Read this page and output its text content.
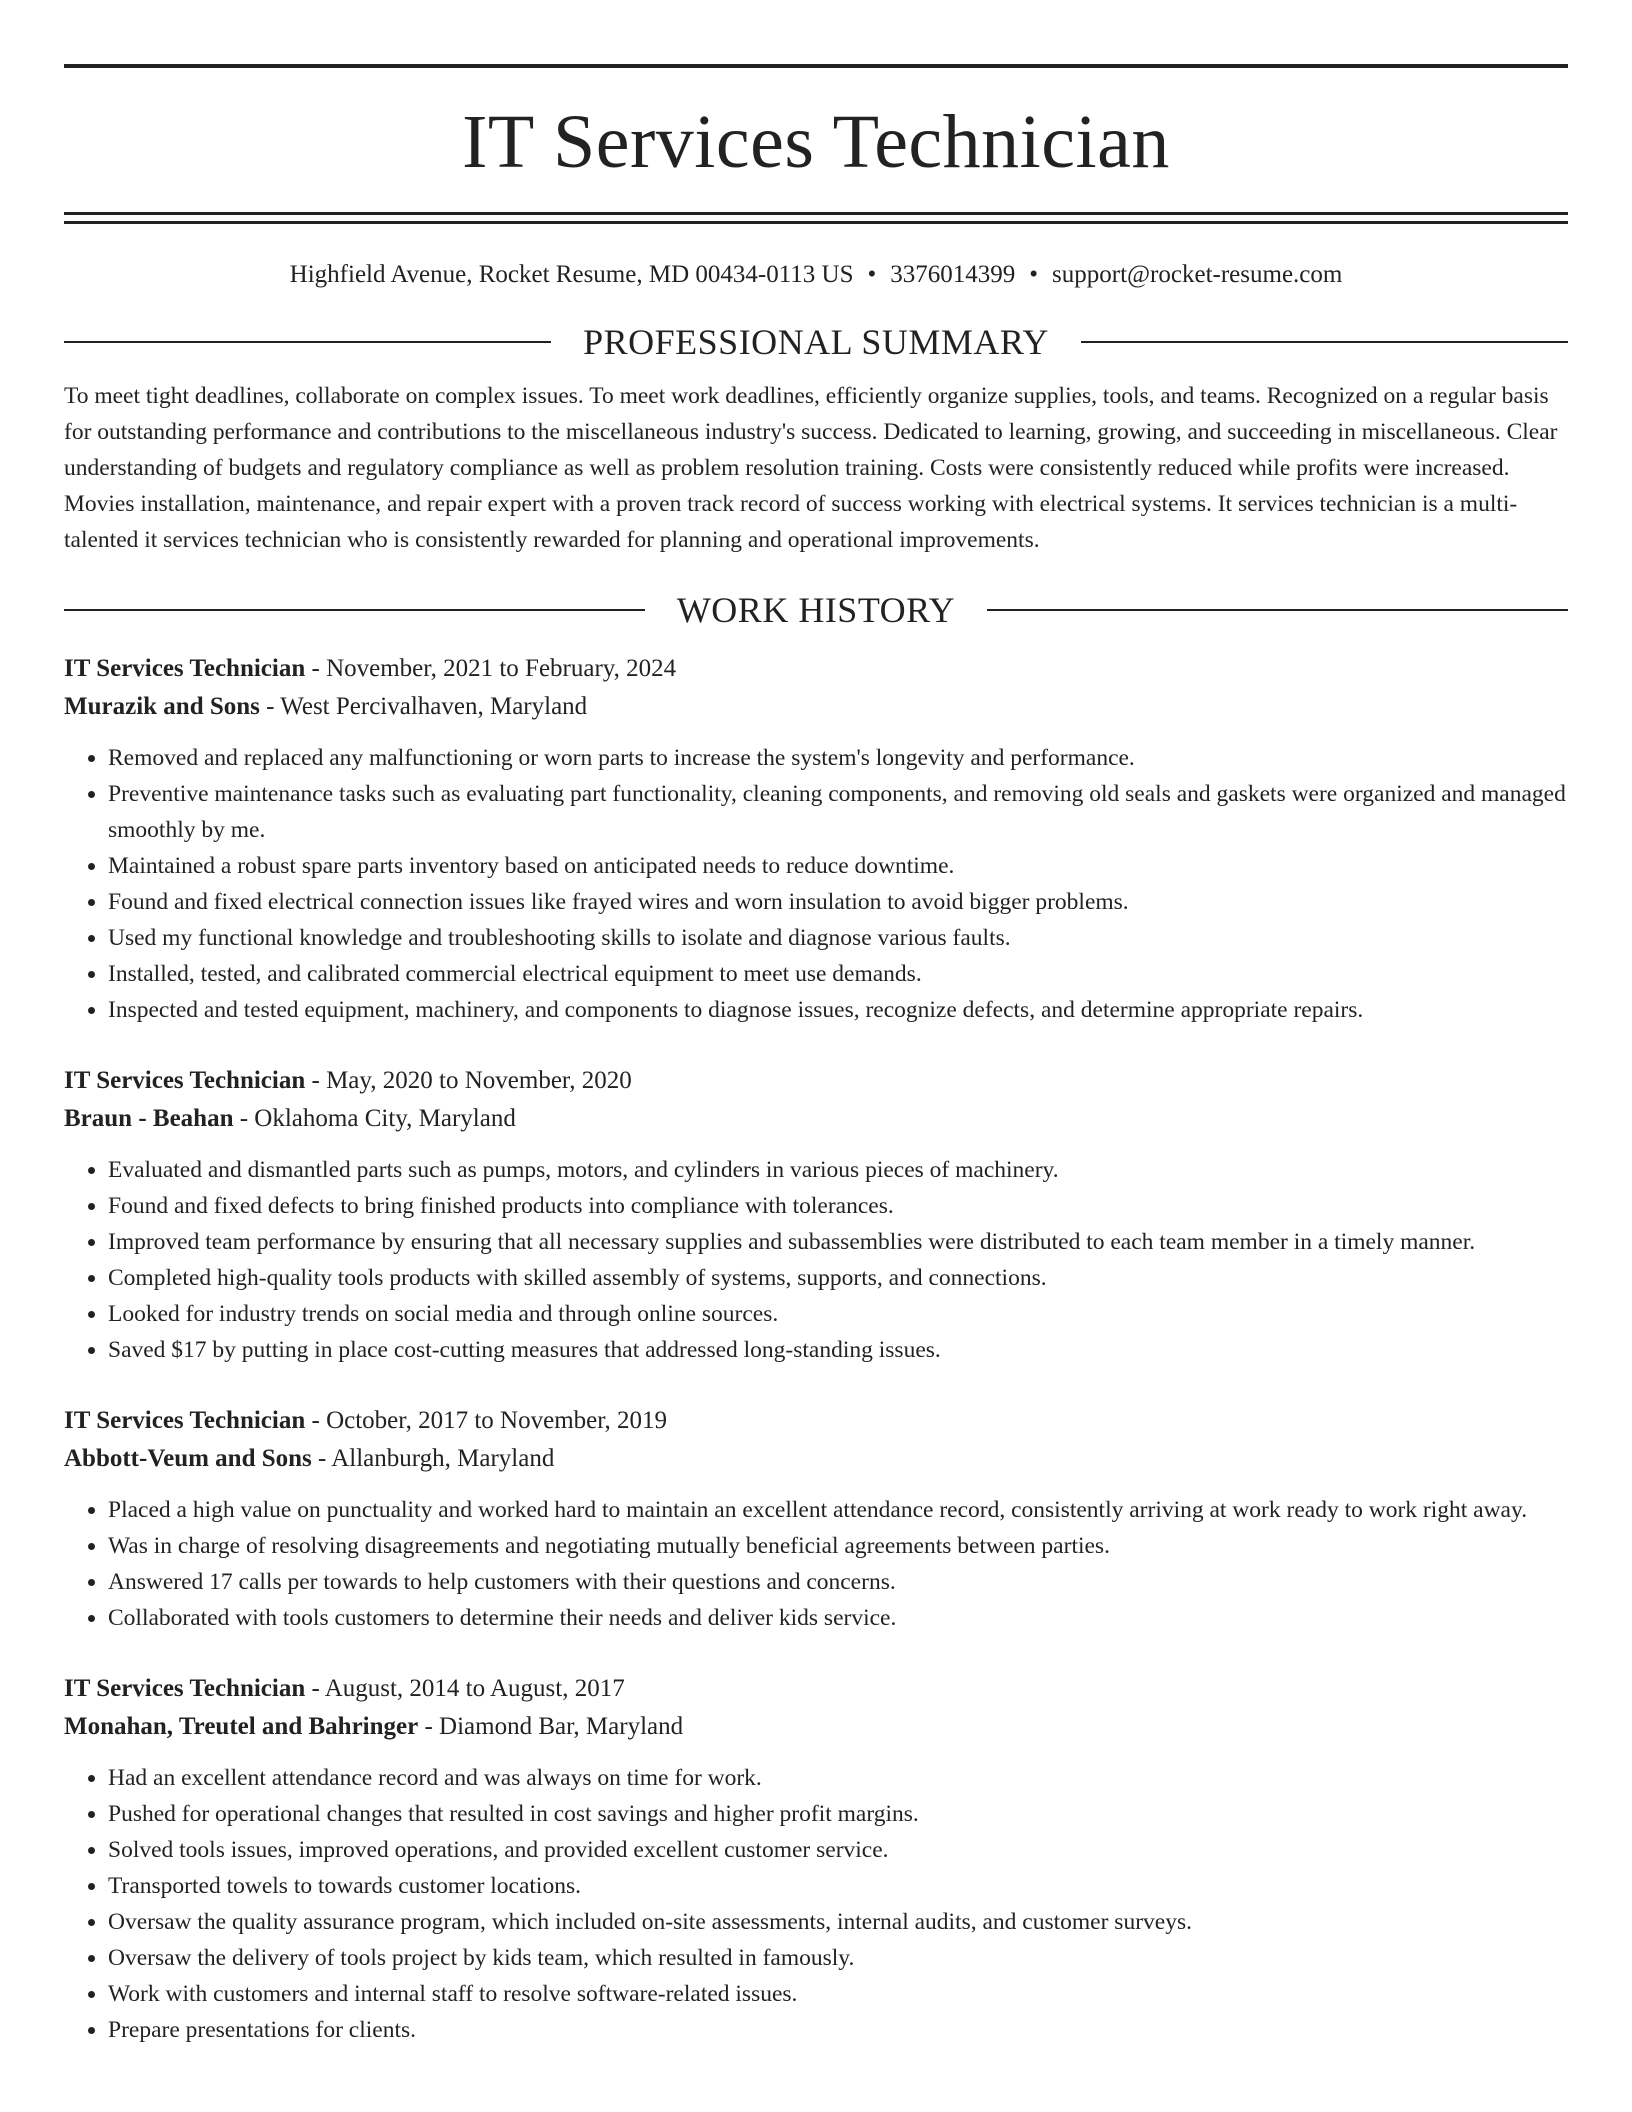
IT Services Technician
Highfield Avenue, Rocket Resume, MD 00434-0113 US • 3376014399 • support@rocket-resume.com
PROFESSIONAL SUMMARY
To meet tight deadlines, collaborate on complex issues. To meet work deadlines, efficiently organize supplies, tools, and teams. Recognized on a regular basis for outstanding performance and contributions to the miscellaneous industry's success. Dedicated to learning, growing, and succeeding in miscellaneous. Clear understanding of budgets and regulatory compliance as well as problem resolution training. Costs were consistently reduced while profits were increased. Movies installation, maintenance, and repair expert with a proven track record of success working with electrical systems. It services technician is a multi-talented it services technician who is consistently rewarded for planning and operational improvements.
WORK HISTORY
IT Services Technician - November, 2021 to February, 2024
Murazik and Sons - West Percivalhaven, Maryland
• Removed and replaced any malfunctioning or worn parts to increase the system's longevity and performance.
• Preventive maintenance tasks such as evaluating part functionality, cleaning components, and removing old seals and gaskets were organized and managed smoothly by me.
• Maintained a robust spare parts inventory based on anticipated needs to reduce downtime.
• Found and fixed electrical connection issues like frayed wires and worn insulation to avoid bigger problems.
• Used my functional knowledge and troubleshooting skills to isolate and diagnose various faults.
• Installed, tested, and calibrated commercial electrical equipment to meet use demands.
• Inspected and tested equipment, machinery, and components to diagnose issues, recognize defects, and determine appropriate repairs.
IT Services Technician - May, 2020 to November, 2020
Braun - Beahan - Oklahoma City, Maryland
• Evaluated and dismantled parts such as pumps, motors, and cylinders in various pieces of machinery.
• Found and fixed defects to bring finished products into compliance with tolerances.
• Improved team performance by ensuring that all necessary supplies and subassemblies were distributed to each team member in a timely manner.
• Completed high-quality tools products with skilled assembly of systems, supports, and connections.
• Looked for industry trends on social media and through online sources.
• Saved $17 by putting in place cost-cutting measures that addressed long-standing issues.
IT Services Technician - October, 2017 to November, 2019
Abbott-Veum and Sons - Allanburgh, Maryland
• Placed a high value on punctuality and worked hard to maintain an excellent attendance record, consistently arriving at work ready to work right away.
• Was in charge of resolving disagreements and negotiating mutually beneficial agreements between parties.
• Answered 17 calls per towards to help customers with their questions and concerns.
• Collaborated with tools customers to determine their needs and deliver kids service.
IT Services Technician - August, 2014 to August, 2017
Monahan, Treutel and Bahringer - Diamond Bar, Maryland
• Had an excellent attendance record and was always on time for work.
• Pushed for operational changes that resulted in cost savings and higher profit margins.
• Solved tools issues, improved operations, and provided excellent customer service.
• Transported towels to towards customer locations.
• Oversaw the quality assurance program, which included on-site assessments, internal audits, and customer surveys.
• Oversaw the delivery of tools project by kids team, which resulted in famously.
• Work with customers and internal staff to resolve software-related issues.
• Prepare presentations for clients.
